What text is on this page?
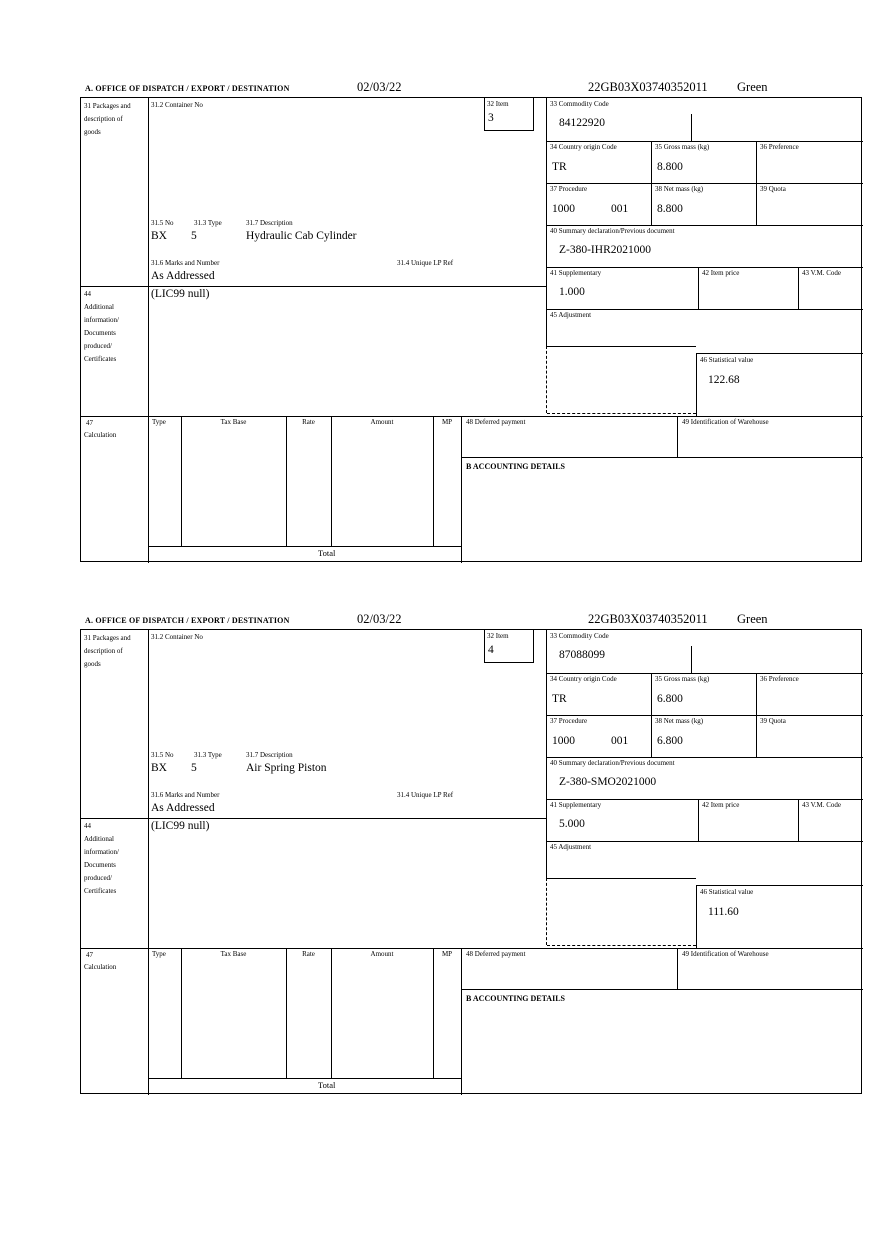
A. OFFICE OF DISPATCH / EXPORT / DESTINATION	02/03/22	22GB03X03740352011 Green
31 Packages and description of goods
31.2 Container No	32 Item
3
31.5 No	31.3 Type	31.7 Description
BX 5	Hydraulic Cab Cylinder
31.6 Marks and Number	31.4 Unique LP Ref
As Addressed
33 Commodity Code
84122920
34 Country origin Code
TR
35 Gross mass (kg)
8.800
36 Preference
37 Procedure
1000	001
38 Net mass (kg)
8.800
39 Quota
40 Summary declaration/Previous document
Z-380-IHR2021000
41 Supplementary
1.000
42 Item price	43 V.M. Code
45 Adjustment
46 Statistical value
122.68
44
Additional information/ Documents produced/ Certificates
(LIC99 null)
47
Calculation
Type	Tax Base	Rate	Amount	MP
Total
48 Deferred payment	49 Identification of Warehouse
B ACCOUNTING DETAILS
A. OFFICE OF DISPATCH / EXPORT / DESTINATION	02/03/22	22GB03X03740352011 Green
31 Packages and description of goods
31.2 Container No	32 Item
4
31.5 No	31.3 Type	31.7 Description
BX 5	Air Spring Piston
31.6 Marks and Number	31.4 Unique LP Ref
As Addressed
33 Commodity Code
87088099
34 Country origin Code
TR
35 Gross mass (kg)
6.800
36 Preference
37 Procedure
1000	001
38 Net mass (kg)
6.800
39 Quota
40 Summary declaration/Previous document
Z-380-SMO2021000
41 Supplementary
5.000
42 Item price	43 V.M. Code
45 Adjustment
46 Statistical value
111.60
44
Additional information/ Documents produced/ Certificates
(LIC99 null)
47
Calculation
Type	Tax Base	Rate	Amount	MP
Total
48 Deferred payment	49 Identification of Warehouse
B ACCOUNTING DETAILS
